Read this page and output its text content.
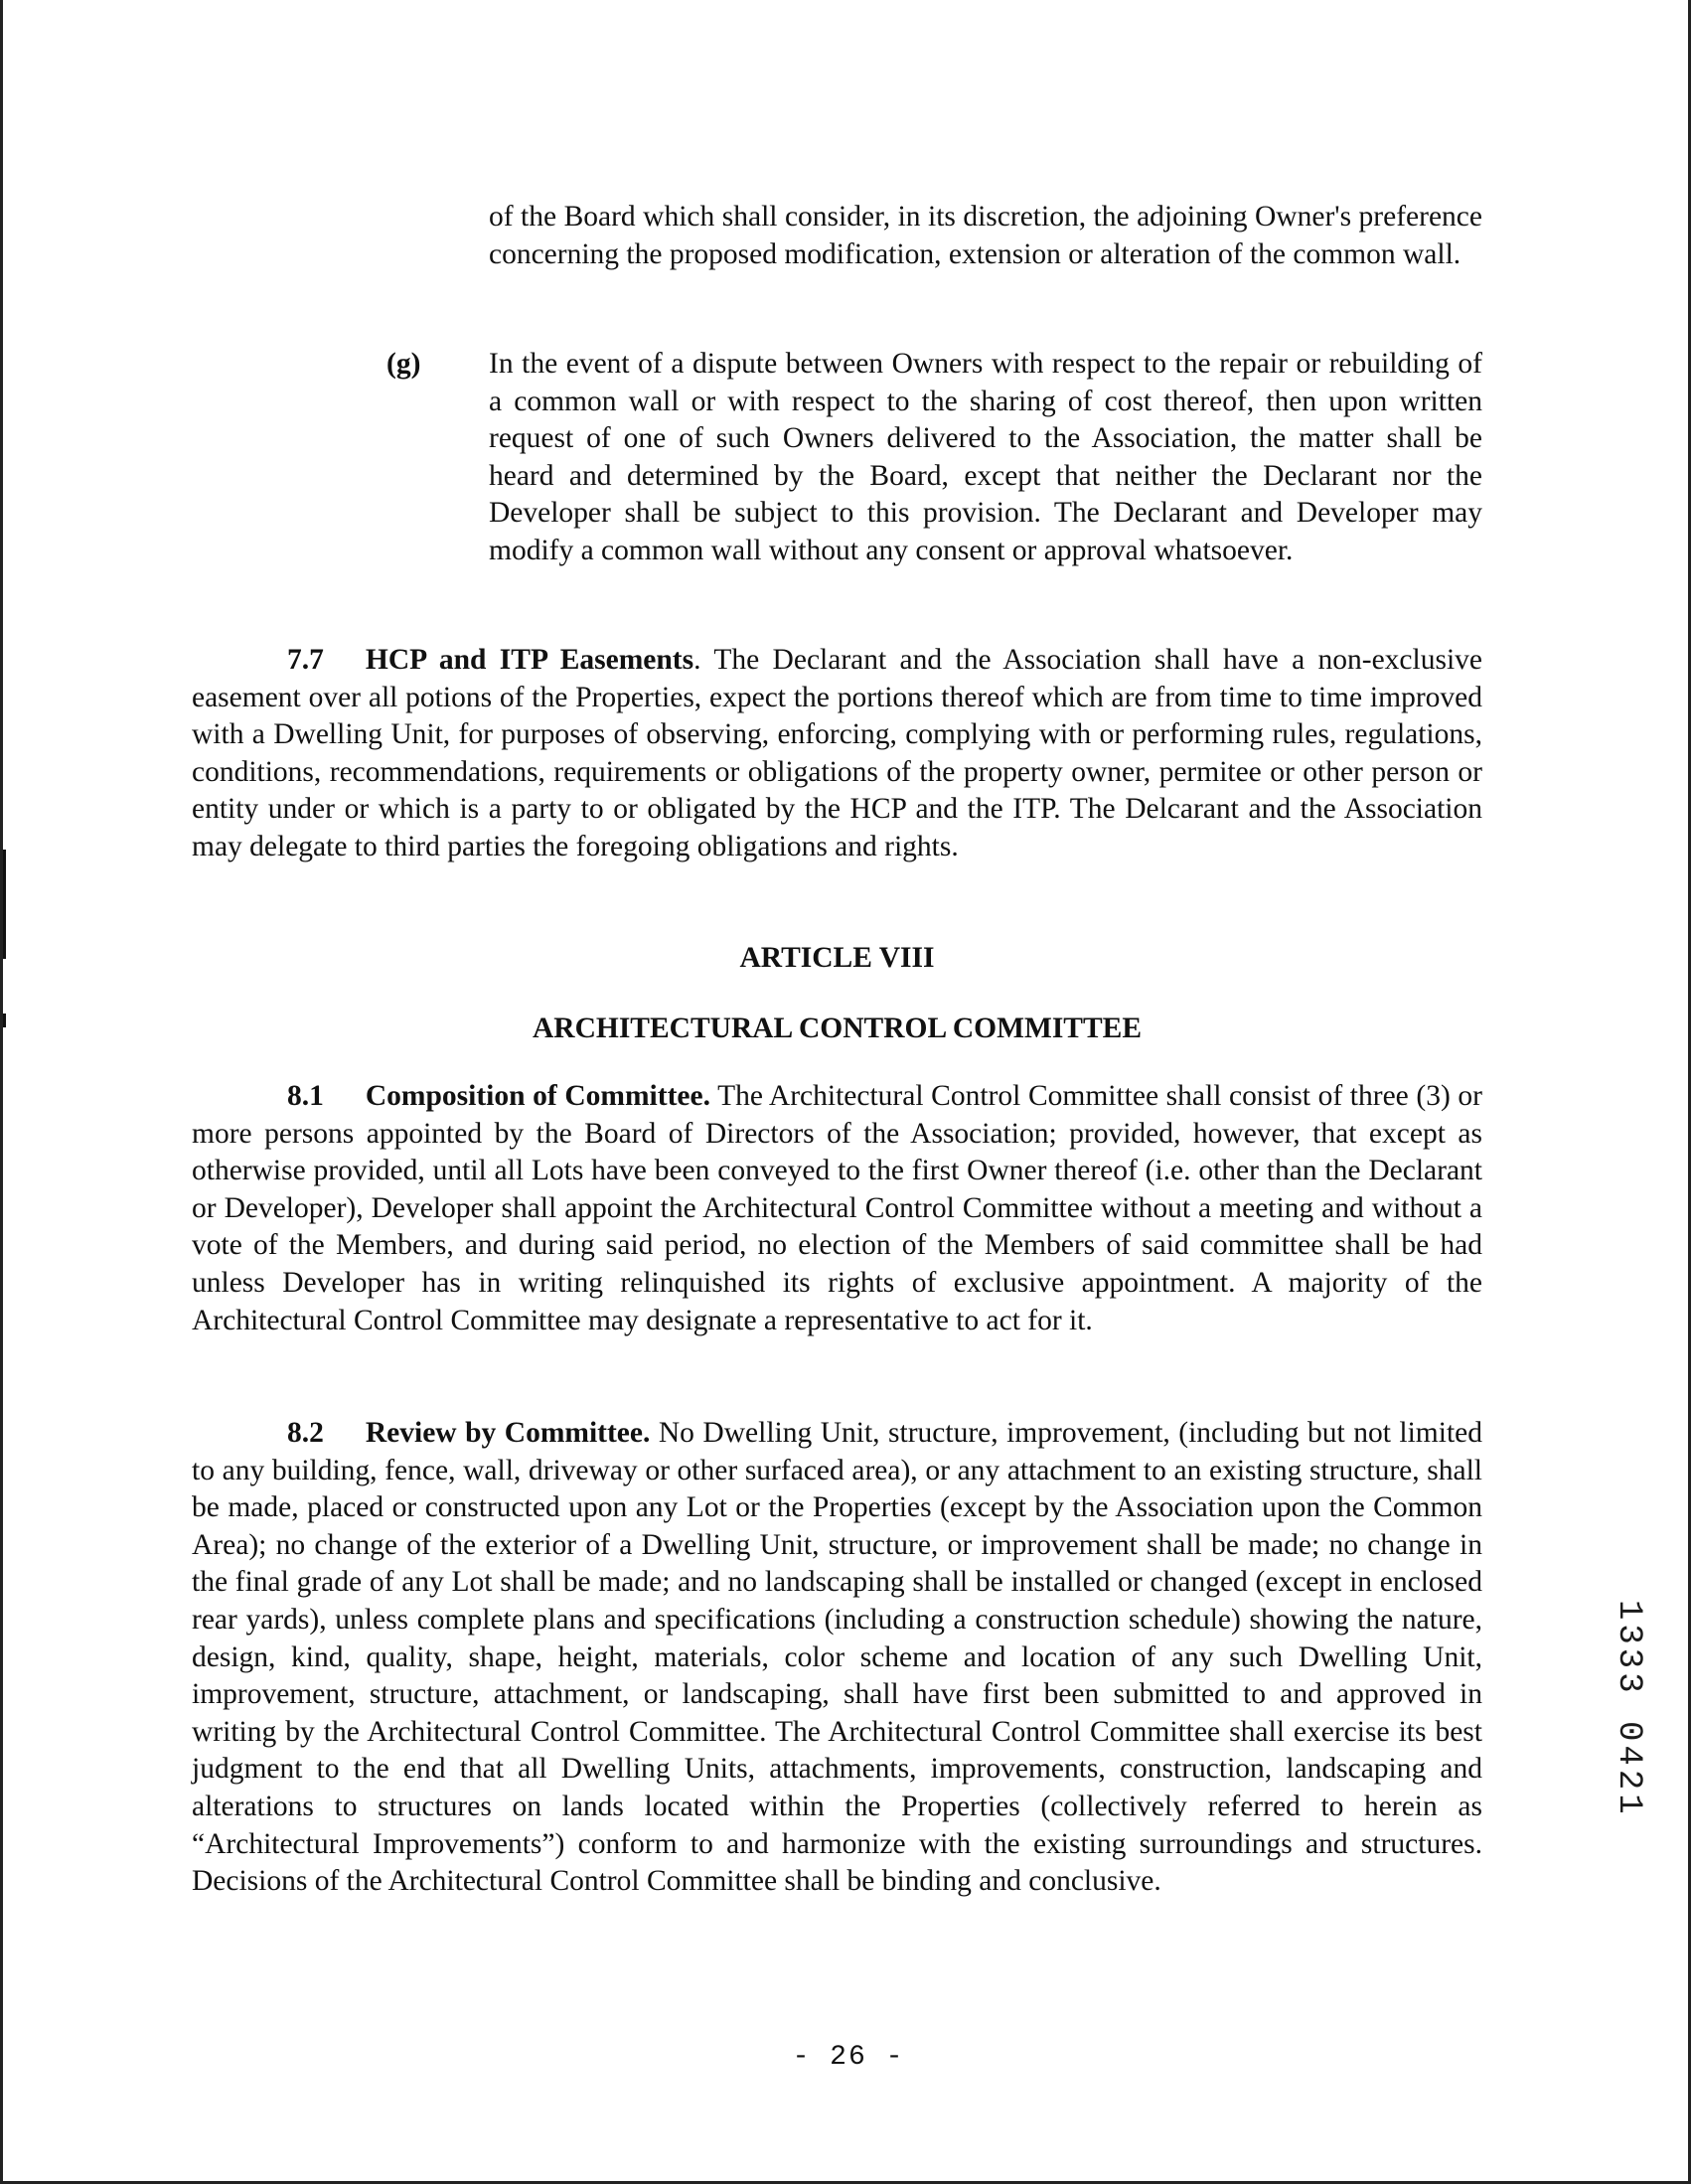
of the Board which shall consider, in its discretion, the adjoining Owner's preference concerning the proposed modification, extension or alteration of the common wall.

(g) In the event of a dispute between Owners with respect to the repair or rebuilding of a common wall or with respect to the sharing of cost thereof, then upon written request of one of such Owners delivered to the Association, the matter shall be heard and determined by the Board, except that neither the Declarant nor the Developer shall be subject to this provision. The Declarant and Developer may modify a common wall without any consent or approval whatsoever.

7.7 HCP and ITP Easements. The Declarant and the Association shall have a non-exclusive easement over all potions of the Properties, expect the portions thereof which are from time to time improved with a Dwelling Unit, for purposes of observing, enforcing, complying with or performing rules, regulations, conditions, recommendations, requirements or obligations of the property owner, permitee or other person or entity under or which is a party to or obligated by the HCP and the ITP. The Delcarant and the Association may delegate to third parties the foregoing obligations and rights.

ARTICLE VIII
ARCHITECTURAL CONTROL COMMITTEE

8.1 Composition of Committee. The Architectural Control Committee shall consist of three (3) or more persons appointed by the Board of Directors of the Association; provided, however, that except as otherwise provided, until all Lots have been conveyed to the first Owner thereof (i.e. other than the Declarant or Developer), Developer shall appoint the Architectural Control Committee without a meeting and without a vote of the Members, and during said period, no election of the Members of said committee shall be had unless Developer has in writing relinquished its rights of exclusive appointment. A majority of the Architectural Control Committee may designate a representative to act for it.

8.2 Review by Committee. No Dwelling Unit, structure, improvement, (including but not limited to any building, fence, wall, driveway or other surfaced area), or any attachment to an existing structure, shall be made, placed or constructed upon any Lot or the Properties (except by the Association upon the Common Area); no change of the exterior of a Dwelling Unit, structure, or improvement shall be made; no change in the final grade of any Lot shall be made; and no landscaping shall be installed or changed (except in enclosed rear yards), unless complete plans and specifications (including a construction schedule) showing the nature, design, kind, quality, shape, height, materials, color scheme and location of any such Dwelling Unit, improvement, structure, attachment, or landscaping, shall have first been submitted to and approved in writing by the Architectural Control Committee. The Architectural Control Committee shall exercise its best judgment to the end that all Dwelling Units, attachments, improvements, construction, landscaping and alterations to structures on lands located within the Properties (collectively referred to herein as “Architectural Improvements”) conform to and harmonize with the existing surroundings and structures. Decisions of the Architectural Control Committee shall be binding and conclusive.

1333 0421
- 26 -
